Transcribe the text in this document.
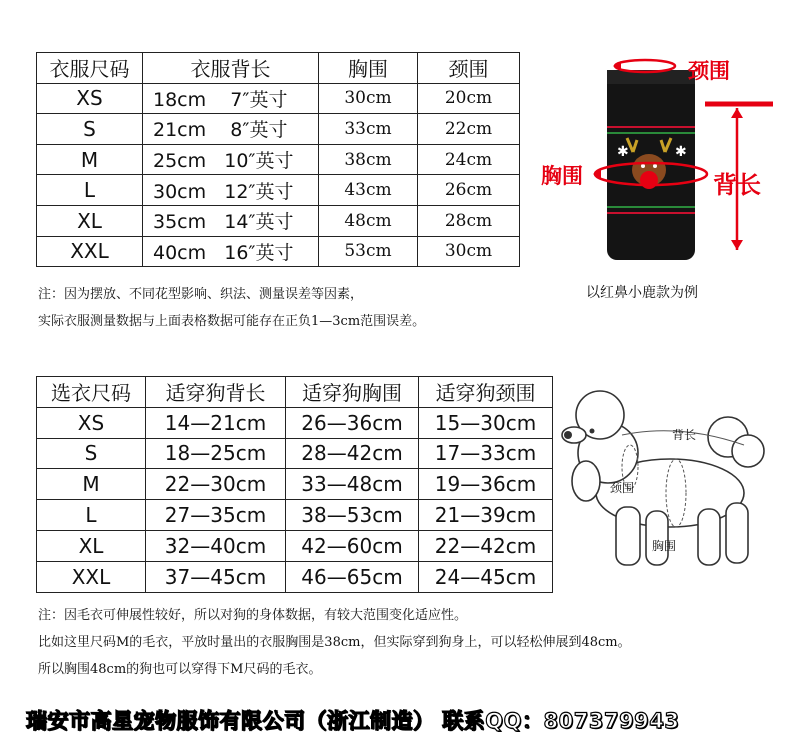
衣服尺码	衣服背长	胸围	颈围
XS	18cm    7″英寸	30cm	20cm
S	21cm    8″英寸	33cm	22cm
M	25cm   10″英寸	38cm	24cm
L	30cm   12″英寸	43cm	26cm
XL	35cm   14″英寸	48cm	28cm
XXL	40cm   16″英寸	53cm	30cm
注：因为摆放、不同花型影响、织法、测量误差等因素，
实际衣服测量数据与上面表格数据可能存在正负1—3cm范围误差。
✱	✱
颈围
胸围	背长
以红鼻小鹿款为例
选衣尺码	适穿狗背长	适穿狗胸围	适穿狗颈围
XS	14—21cm	26—36cm	15—30cm
S	18—25cm	28—42cm	17—33cm
M	22—30cm	33—48cm	19—36cm
L	27—35cm	38—53cm	21—39cm
XL	32—40cm	42—60cm	22—42cm
XXL	37—45cm	46—65cm	24—45cm
背长
颈围
胸围
注：因毛衣可伸展性较好，所以对狗的身体数据，有较大范围变化适应性。
比如这里尺码M的毛衣，平放时量出的衣服胸围是38cm，但实际穿到狗身上，可以轻松伸展到48cm。
所以胸围48cm的狗也可以穿得下M尺码的毛衣。
瑞安市高星宠物服饰有限公司（浙江制造） 联系QQ：807379943
